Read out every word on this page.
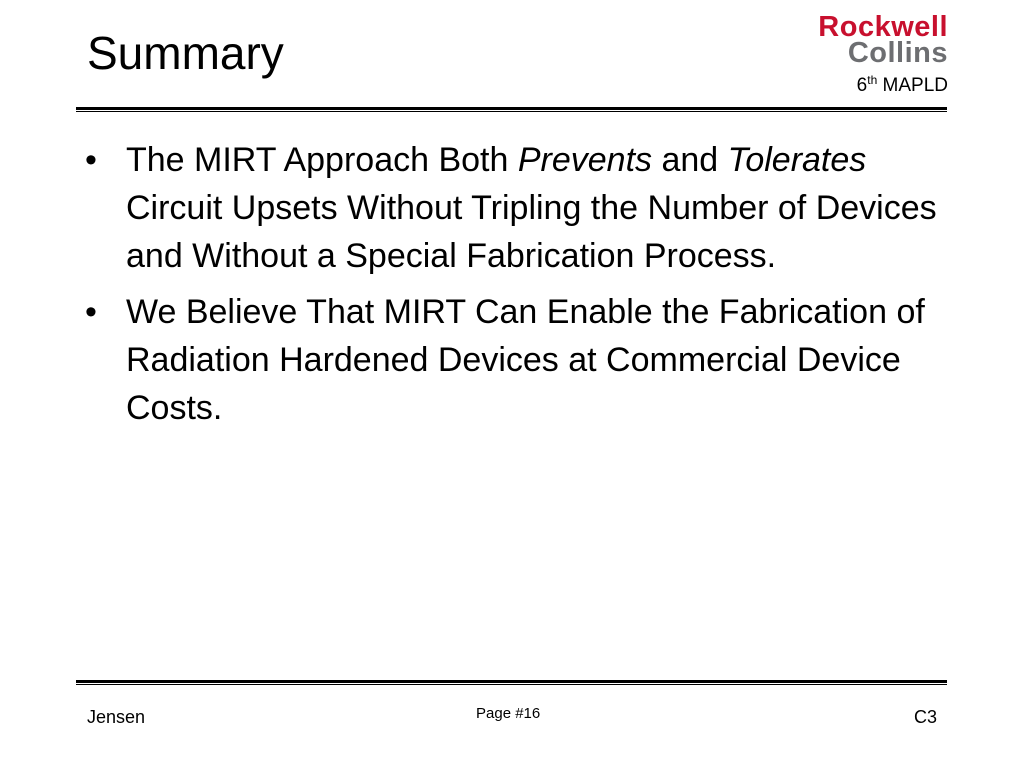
Summary	Rockwell
Collins
6th MAPLD
• The MIRT Approach Both Prevents and Tolerates Circuit Upsets Without Tripling the Number of Devices and Without a Special Fabrication Process.
• We Believe That MIRT Can Enable the Fabrication of Radiation Hardened Devices at Commercial Device Costs.
Jensen	Page #16	C3
